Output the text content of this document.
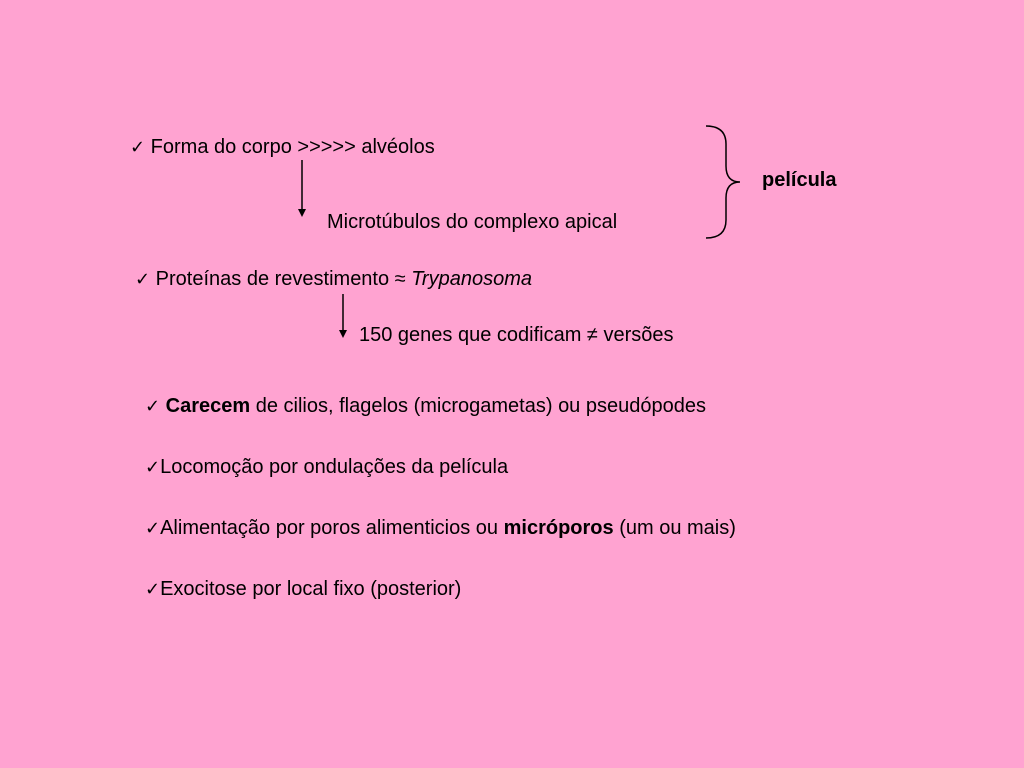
✓ Forma do corpo >>>>> alvéolos
Microtúbulos do complexo apical
película
✓ Proteínas de revestimento ≈ Trypanosoma
150 genes que codificam ≠ versões
✓ Carecem de cilios, flagelos (microgametas) ou pseudópodes
✓Locomoção por ondulações da película
✓Alimentação por poros alimenticios ou micróporos (um ou mais)
✓Exocitose por local fixo (posterior)
